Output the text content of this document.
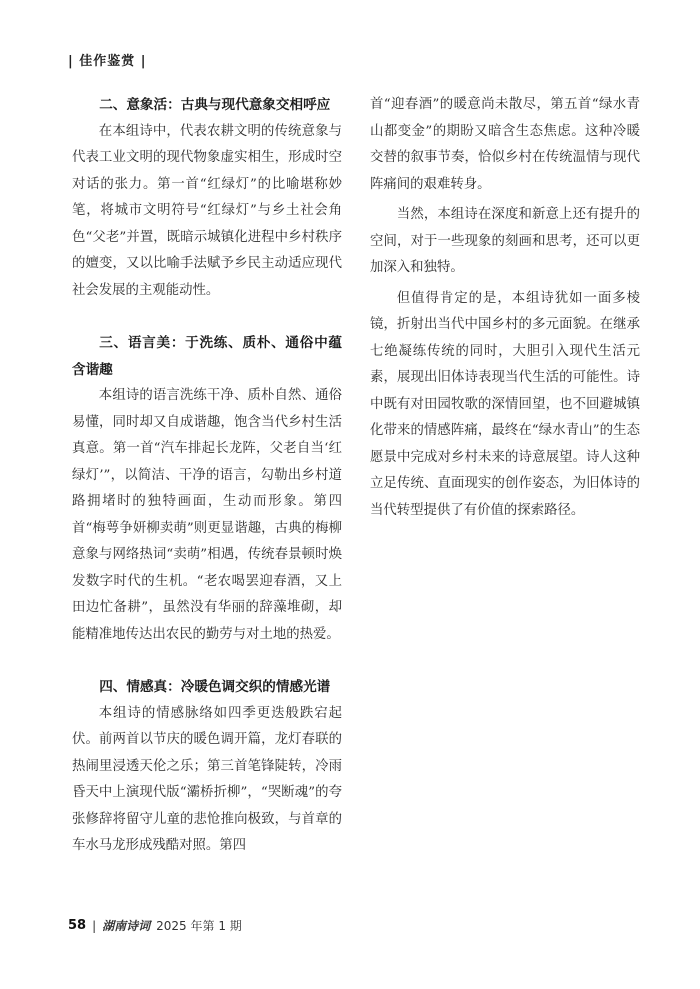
| 佳作鉴赏 |
二、意象活：古典与现代意象交相呼应

在本组诗中，代表农耕文明的传统意象与代表工业文明的现代物象虚实相生，形成时空对话的张力。第一首“红绿灯”的比喻堪称妙笔，将城市文明符号“红绿灯”与乡土社会角色“父老”并置，既暗示城镇化进程中乡村秩序的嬗变，又以比喻手法赋予乡民主动适应现代社会发展的主观能动性。

三、语言美：于洗练、质朴、通俗中蕴含谐趣

本组诗的语言洗练干净、质朴自然、通俗易懂，同时却又自成谐趣，饱含当代乡村生活真意。第一首“汽车排起长龙阵，父老自当‘红绿灯’”，以简洁、干净的语言，勾勒出乡村道路拥堵时的独特画面，生动而形象。第四首“梅萼争妍柳卖萌”则更显谐趣，古典的梅柳意象与网络热词“卖萌”相遇，传统春景顿时焕发数字时代的生机。“老农喝罢迎春酒，又上田边忙备耕”，虽然没有华丽的辞藻堆砌，却能精准地传达出农民的勤劳与对土地的热爱。

四、情感真：冷暖色调交织的情感光谱

本组诗的情感脉络如四季更迭般跌宕起伏。前两首以节庆的暖色调开篇，龙灯春联的热闹里浸透天伦之乐；第三首笔锋陡转，冷雨昏天中上演现代版“灞桥折柳”，“哭断魂”的夸张修辞将留守儿童的悲怆推向极致，与首章的车水马龙形成残酷对照。第四

首“迎春酒”的暖意尚未散尽，第五首“绿水青山都变金”的期盼又暗含生态焦虑。这种冷暖交替的叙事节奏，恰似乡村在传统温情与现代阵痛间的艰难转身。

当然，本组诗在深度和新意上还有提升的空间，对于一些现象的刻画和思考，还可以更加深入和独特。

但值得肯定的是，本组诗犹如一面多棱镜，折射出当代中国乡村的多元面貌。在继承七绝凝练传统的同时，大胆引入现代生活元素，展现出旧体诗表现当代生活的可能性。诗中既有对田园牧歌的深情回望，也不回避城镇化带来的情感阵痛，最终在“绿水青山”的生态愿景中完成对乡村未来的诗意展望。诗人这种立足传统、直面现实的创作姿态，为旧体诗的当代转型提供了有价值的探索路径。

58 | 湖南诗词 2025 年第 1 期
